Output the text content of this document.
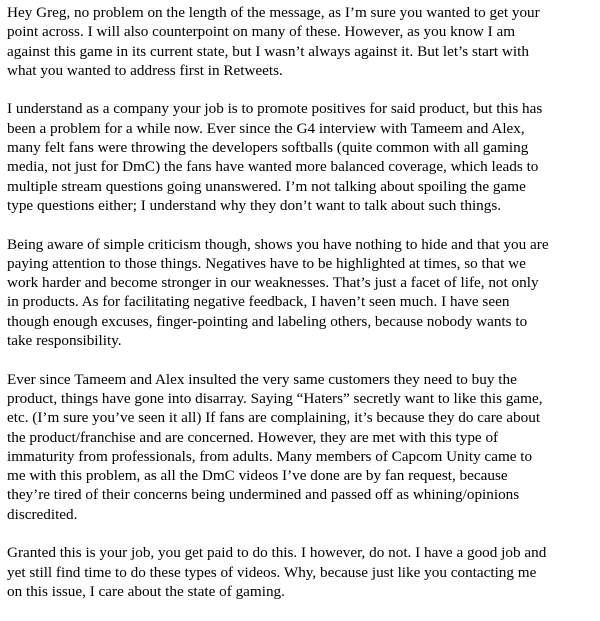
Hey Greg, no problem on the length of the message, as I’m sure you wanted to get your
point across. I will also counterpoint on many of these. However, as you know I am
against this game in its current state, but I wasn’t always against it. But let’s start with
what you wanted to address first in Retweets.

I understand as a company your job is to promote positives for said product, but this has
been a problem for a while now. Ever since the G4 interview with Tameem and Alex,
many felt fans were throwing the developers softballs (quite common with all gaming
media, not just for DmC) the fans have wanted more balanced coverage, which leads to
multiple stream questions going unanswered. I’m not talking about spoiling the game
type questions either; I understand why they don’t want to talk about such things.

Being aware of simple criticism though, shows you have nothing to hide and that you are
paying attention to those things. Negatives have to be highlighted at times, so that we
work harder and become stronger in our weaknesses. That’s just a facet of life, not only
in products. As for facilitating negative feedback, I haven’t seen much. I have seen
though enough excuses, finger-pointing and labeling others, because nobody wants to
take responsibility.

Ever since Tameem and Alex insulted the very same customers they need to buy the
product, things have gone into disarray. Saying “Haters” secretly want to like this game,
etc. (I’m sure you’ve seen it all) If fans are complaining, it’s because they do care about
the product/franchise and are concerned. However, they are met with this type of
immaturity from professionals, from adults. Many members of Capcom Unity came to
me with this problem, as all the DmC videos I’ve done are by fan request, because
they’re tired of their concerns being undermined and passed off as whining/opinions
discredited.

Granted this is your job, you get paid to do this. I however, do not. I have a good job and
yet still find time to do these types of videos. Why, because just like you contacting me
on this issue, I care about the state of gaming.
